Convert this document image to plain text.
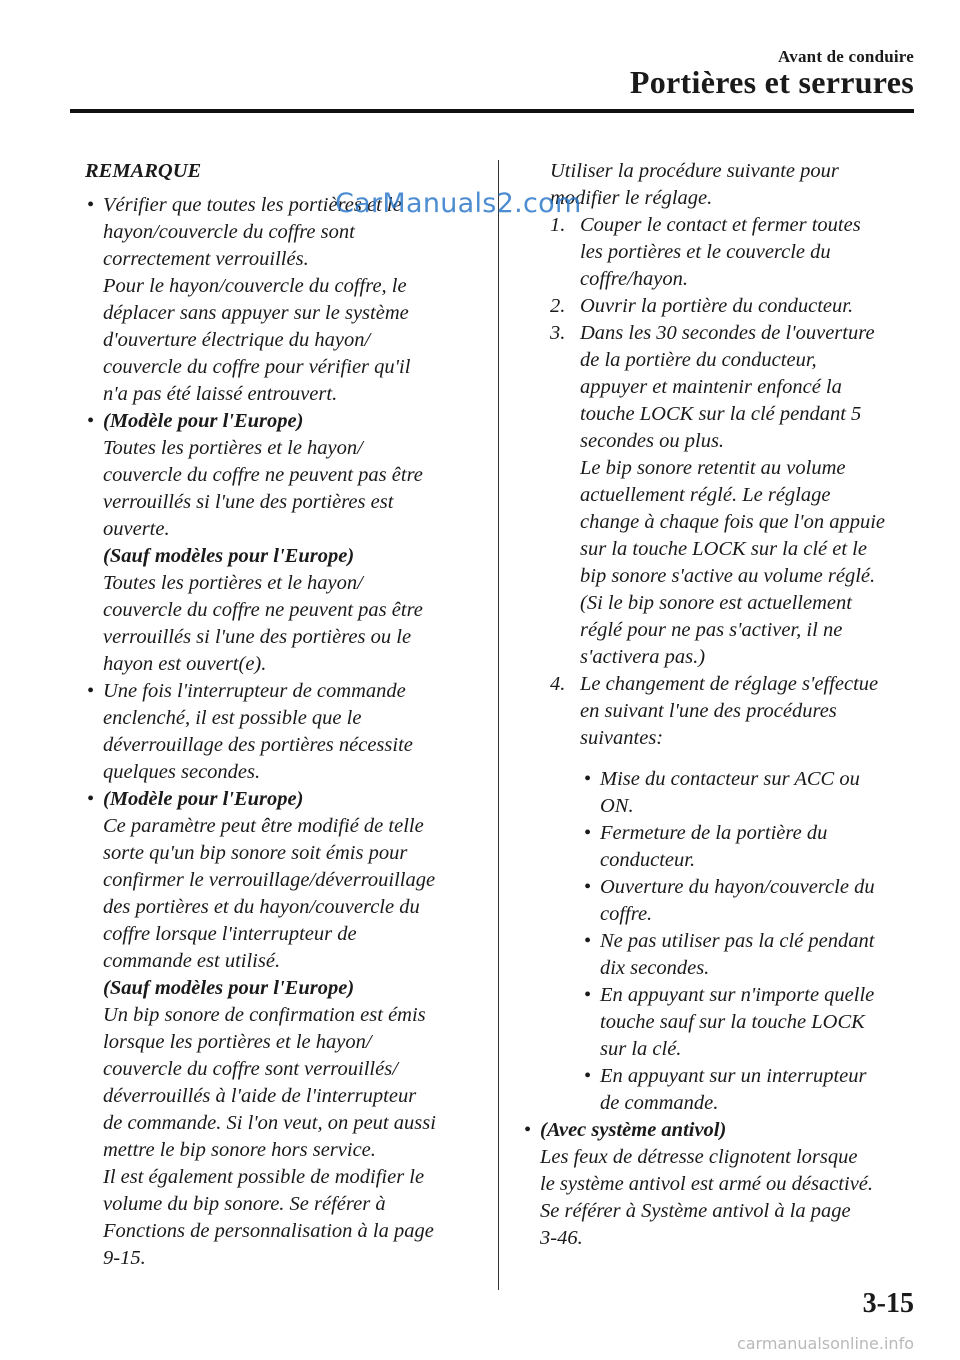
Avant de conduire
Portières et serrures
REMARQUE
• Vérifier que toutes les portières et le
hayon/couvercle du coffre sont
correctement verrouillés.
Pour le hayon/couvercle du coffre, le
déplacer sans appuyer sur le système
d'ouverture électrique du hayon/
couvercle du coffre pour vérifier qu'il
n'a pas été laissé entrouvert.
• (Modèle pour l'Europe)
Toutes les portières et le hayon/
couvercle du coffre ne peuvent pas être
verrouillés si l'une des portières est
ouverte.
(Sauf modèles pour l'Europe)
Toutes les portières et le hayon/
couvercle du coffre ne peuvent pas être
verrouillés si l'une des portières ou le
hayon est ouvert(e).
• Une fois l'interrupteur de commande
enclenché, il est possible que le
déverrouillage des portières nécessite
quelques secondes.
• (Modèle pour l'Europe)
Ce paramètre peut être modifié de telle
sorte qu'un bip sonore soit émis pour
confirmer le verrouillage/déverrouillage
des portières et du hayon/couvercle du
coffre lorsque l'interrupteur de
commande est utilisé.
(Sauf modèles pour l'Europe)
Un bip sonore de confirmation est émis
lorsque les portières et le hayon/
couvercle du coffre sont verrouillés/
déverrouillés à l'aide de l'interrupteur
de commande. Si l'on veut, on peut aussi
mettre le bip sonore hors service.
Il est également possible de modifier le
volume du bip sonore. Se référer à
Fonctions de personnalisation à la page
9-15.
Utiliser la procédure suivante pour
modifier le réglage.
1. Couper le contact et fermer toutes
les portières et le couvercle du
coffre/hayon.
2. Ouvrir la portière du conducteur.
3. Dans les 30 secondes de l'ouverture
de la portière du conducteur,
appuyer et maintenir enfoncé la
touche LOCK sur la clé pendant 5
secondes ou plus.
Le bip sonore retentit au volume
actuellement réglé. Le réglage
change à chaque fois que l'on appuie
sur la touche LOCK sur la clé et le
bip sonore s'active au volume réglé.
(Si le bip sonore est actuellement
réglé pour ne pas s'activer, il ne
s'activera pas.)
4. Le changement de réglage s'effectue
en suivant l'une des procédures
suivantes:
• Mise du contacteur sur ACC ou
ON.
• Fermeture de la portière du
conducteur.
• Ouverture du hayon/couvercle du
coffre.
• Ne pas utiliser pas la clé pendant
dix secondes.
• En appuyant sur n'importe quelle
touche sauf sur la touche LOCK
sur la clé.
• En appuyant sur un interrupteur
de commande.
• (Avec système antivol)
Les feux de détresse clignotent lorsque
le système antivol est armé ou désactivé.
Se référer à Système antivol à la page
3-46.
CarManuals2.com
3-15
carmanualsonline.info
